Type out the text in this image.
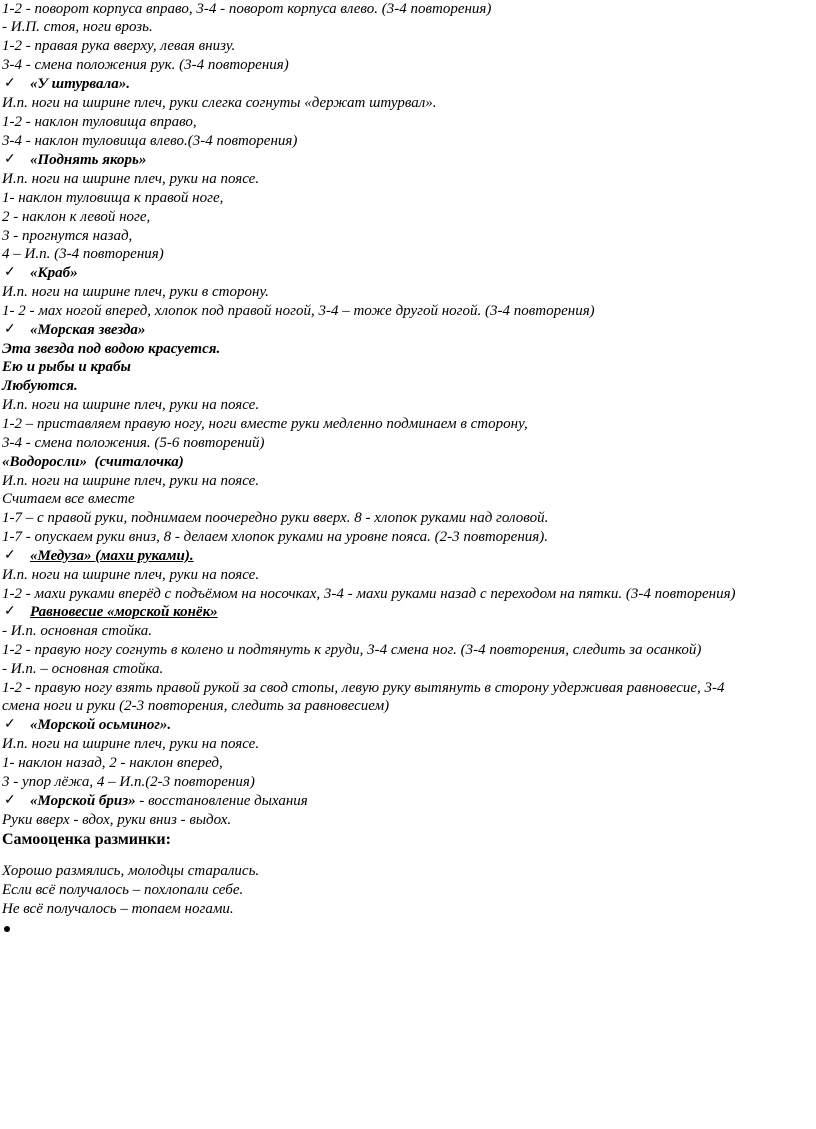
1-2 - поворот корпуса вправо, 3-4 - поворот корпуса влево. (3-4 повторения)
- И.П. стоя, ноги врозь.
1-2 - правая рука вверху, левая внизу.
3-4 - смена положения рук. (3-4 повторения)
✓ «У штурвала».
И.п. ноги на ширине плеч, руки слегка согнуты «держат штурвал».
1-2 - наклон туловища вправо,
3-4 - наклон туловища влево.(3-4 повторения)
✓ «Поднять якорь»
И.п. ноги на ширине плеч, руки на поясе.
1- наклон туловища к правой ноге,
2 - наклон к левой ноге,
3 - прогнутся назад,
4 – И.п. (3-4 повторения)
✓ «Краб»
И.п. ноги на ширине плеч, руки в сторону.
1- 2 - мах ногой вперед, хлопок под правой ногой, 3-4 – тоже другой ногой. (3-4 повторения)
✓ «Морская звезда»
Эта звезда под водою красуется.
Ею и рыбы и крабы
Любуются.
И.п. ноги на ширине плеч, руки на поясе.
1-2 – приставляем правую ногу, ноги вместе руки медленно подминаем в сторону,
3-4 - смена положения. (5-6 повторений)
«Водоросли» (считалочка)
И.п. ноги на ширине плеч, руки на поясе.
Считаем все вместе
1-7 – с правой руки, поднимаем поочередно руки вверх. 8 - хлопок руками над головой.
1-7 - опускаем руки вниз, 8 - делаем хлопок руками на уровне пояса. (2-3 повторения).
✓ «Медуза» (махи руками).
И.п. ноги на ширине плеч, руки на поясе.
1-2 - махи руками вперёд с подъёмом на носочках, 3-4 - махи руками назад с переходом на пятки. (3-4 повторения)
✓ Равновесие «морской конёк»
- И.п. основная стойка.
1-2 - правую ногу согнуть в колено и подтянуть к груди, 3-4 смена ног. (3-4 повторения, следить за осанкой)
- И.п. – основная стойка.
1-2 - правую ногу взять правой рукой за свод стопы, левую руку вытянуть в сторону удерживая равновесие, 3-4
смена ноги и руки (2-3 повторения, следить за равновесием)
✓ «Морской осьминог».
И.п. ноги на ширине плеч, руки на поясе.
1- наклон назад, 2 - наклон вперед,
3 - упор лёжа, 4 – И.п.(2-3 повторения)
✓ «Морской бриз» - восстановление дыхания
Руки вверх - вдох, руки вниз - выдох.
Самооценка разминки:
Хорошо размялись, молодцы старались.
Если всё получалось – похлопали себе.
Не всё получалось – топаем ногами.
